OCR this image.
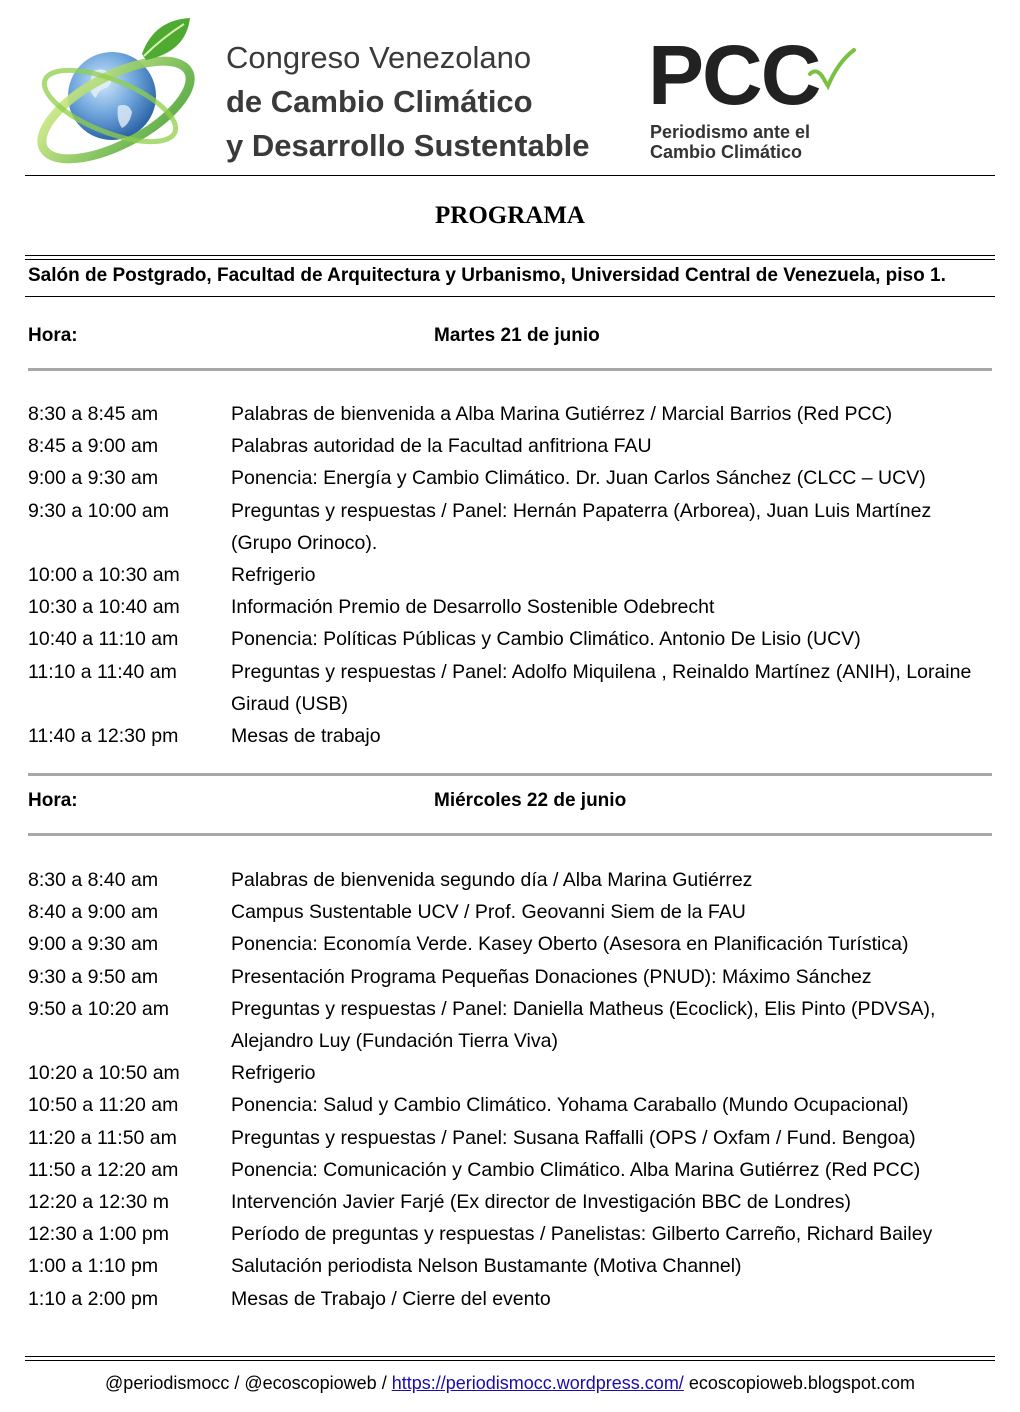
Congreso Venezolano
de Cambio Climático
y Desarrollo Sustentable
PCC
Periodismo ante el
Cambio Climático
PROGRAMA
Salón de Postgrado, Facultad de Arquitectura y Urbanismo, Universidad Central de Venezuela, piso 1.
Hora:	Martes 21 de junio
8:30 a 8:45 am	Palabras de bienvenida a Alba Marina Gutiérrez / Marcial Barrios (Red PCC)
8:45 a 9:00 am	Palabras autoridad de la Facultad anfitriona FAU
9:00 a 9:30 am	Ponencia: Energía y Cambio Climático. Dr. Juan Carlos Sánchez (CLCC – UCV)
9:30 a 10:00 am	Preguntas y respuestas / Panel: Hernán Papaterra (Arborea), Juan Luis Martínez (Grupo Orinoco).
10:00 a 10:30 am	Refrigerio
10:30 a 10:40 am	Información Premio de Desarrollo Sostenible Odebrecht
10:40 a 11:10 am	Ponencia: Políticas Públicas y Cambio Climático. Antonio De Lisio (UCV)
11:10 a 11:40 am	Preguntas y respuestas / Panel: Adolfo Miquilena , Reinaldo Martínez (ANIH), Loraine Giraud (USB)
11:40 a 12:30 pm	Mesas de trabajo
Hora:	Miércoles 22 de junio
8:30 a 8:40 am	Palabras de bienvenida segundo día / Alba Marina Gutiérrez
8:40 a 9:00 am	Campus Sustentable UCV / Prof. Geovanni Siem de la FAU
9:00 a 9:30 am	Ponencia: Economía Verde. Kasey Oberto (Asesora en Planificación Turística)
9:30 a 9:50 am	Presentación Programa Pequeñas Donaciones (PNUD): Máximo Sánchez
9:50 a 10:20 am	Preguntas y respuestas / Panel: Daniella Matheus (Ecoclick), Elis Pinto (PDVSA), Alejandro Luy (Fundación Tierra Viva)
10:20 a 10:50 am	Refrigerio
10:50 a 11:20 am	Ponencia: Salud y Cambio Climático. Yohama Caraballo (Mundo Ocupacional)
11:20 a 11:50 am	Preguntas y respuestas / Panel: Susana Raffalli (OPS / Oxfam / Fund. Bengoa)
11:50 a 12:20 am	Ponencia: Comunicación y Cambio Climático. Alba Marina Gutiérrez (Red PCC)
12:20 a 12:30 m	Intervención Javier Farjé (Ex director de Investigación BBC de Londres)
12:30 a 1:00 pm	Período de preguntas y respuestas / Panelistas: Gilberto Carreño, Richard Bailey
1:00 a 1:10 pm	Salutación periodista Nelson Bustamante (Motiva Channel)
1:10 a 2:00 pm	Mesas de Trabajo / Cierre del evento
@periodismocc / @ecoscopioweb / https://periodismocc.wordpress.com/ ecoscopioweb.blogspot.com
